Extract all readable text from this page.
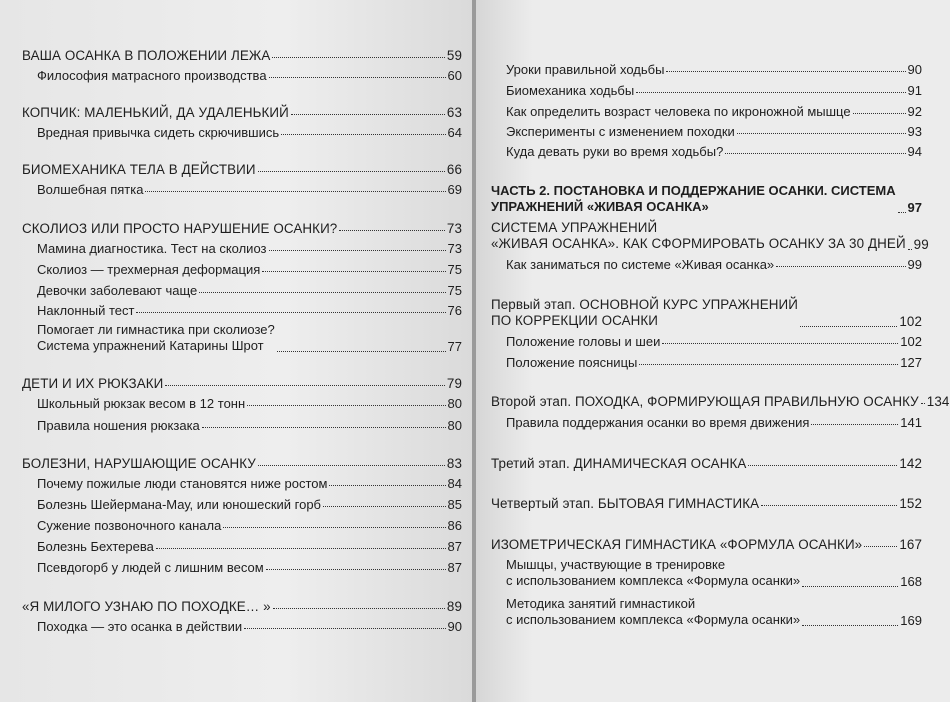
ВАША ОСАНКА В ПОЛОЖЕНИИ ЛЕЖА	59
Философия матрасного производства	60
КОПЧИК: МАЛЕНЬКИЙ, ДА УДАЛЕНЬКИЙ	63
Вредная привычка сидеть скрючившись	64
БИОМЕХАНИКА ТЕЛА В ДЕЙСТВИИ	66
Волшебная пятка	69
СКОЛИОЗ ИЛИ ПРОСТО НАРУШЕНИЕ ОСАНКИ?	73
Мамина диагностика. Тест на сколиоз	73
Сколиоз — трехмерная деформация	75
Девочки заболевают чаще	75
Наклонный тест	76
Помогает ли гимнастика при сколиозе?
Система упражнений Катарины Шрот	77
ДЕТИ И ИХ РЮКЗАКИ	79
Школьный рюкзак весом в 12 тонн	80
Правила ношения рюкзака	80
БОЛЕЗНИ, НАРУШАЮЩИЕ ОСАНКУ	83
Почему пожилые люди становятся ниже ростом	84
Болезнь Шейермана-Мау, или юношеский горб	85
Сужение позвоночного канала	86
Болезнь Бехтерева	87
Псевдогорб у людей с лишним весом	87
«Я МИЛОГО УЗНАЮ ПО ПОХОДКЕ… »	89
Походка — это осанка в действии	90
Уроки правильной ходьбы	90
Биомеханика ходьбы	91
Как определить возраст человека по икроножной мышце	92
Эксперименты с изменением походки	93
Куда девать руки во время ходьбы?	94
ЧАСТЬ 2. ПОСТАНОВКА И ПОДДЕРЖАНИЕ ОСАНКИ. СИСТЕМА
УПРАЖНЕНИЙ «ЖИВАЯ ОСАНКА»	97
СИСТЕМА УПРАЖНЕНИЙ
«ЖИВАЯ ОСАНКА». КАК СФОРМИРОВАТЬ ОСАНКУ ЗА 30 ДНЕЙ 99
Как заниматься по системе «Живая осанка»	99
Первый этап. ОСНОВНОЙ КУРС УПРАЖНЕНИЙ
ПО КОРРЕКЦИИ ОСАНКИ	102
Положение головы и шеи	102
Положение поясницы	127
Второй этап. ПОХОДКА, ФОРМИРУЮЩАЯ ПРАВИЛЬНУЮ ОСАНКУ 134
Правила поддержания осанки во время движения	141
Третий этап. ДИНАМИЧЕСКАЯ ОСАНКА	142
Четвертый этап. БЫТОВАЯ ГИМНАСТИКА	152
ИЗОМЕТРИЧЕСКАЯ ГИМНАСТИКА «ФОРМУЛА ОСАНКИ»	167
Мышцы, участвующие в тренировке
с использованием комплекса «Формула осанки»	168
Методика занятий гимнастикой
с использованием комплекса «Формула осанки»	169
